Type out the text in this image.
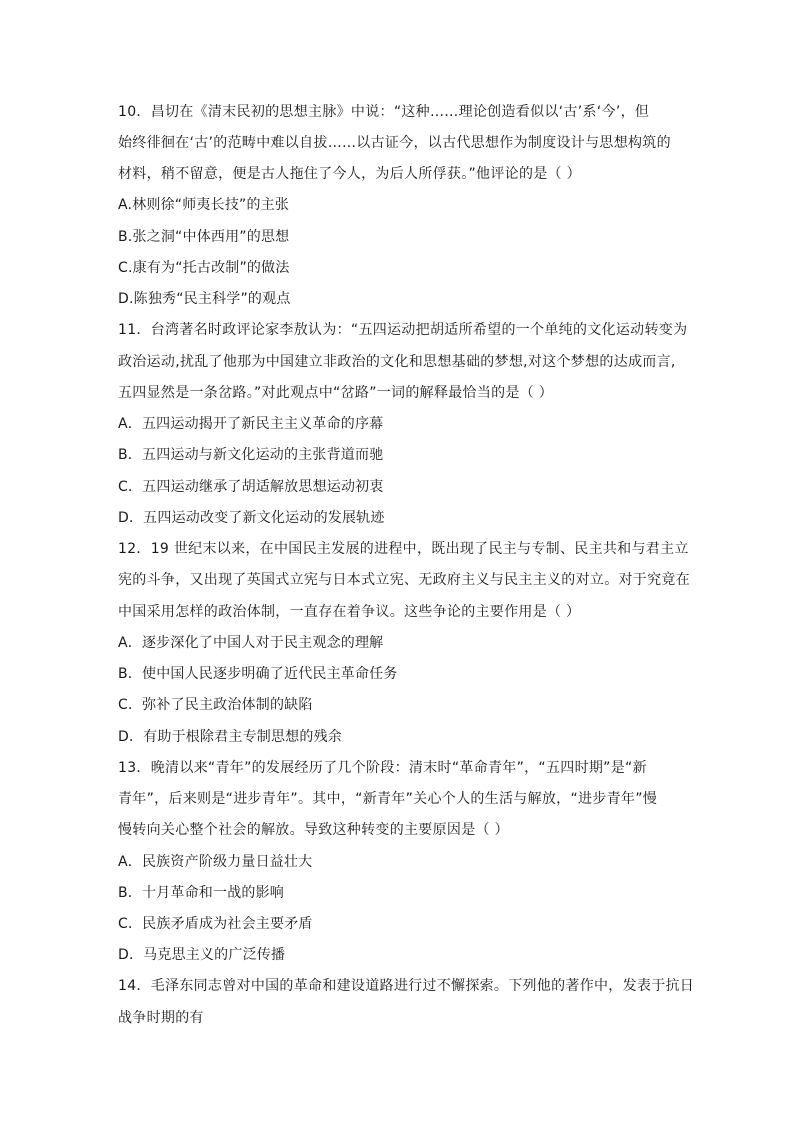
10．昌切在《清末民初的思想主脉》中说：“这种……理论创造看似以‘古’系‘今’，但
始终徘徊在‘古’的范畴中难以自拔……以古证今，以古代思想作为制度设计与思想构筑的
材料，稍不留意，便是古人拖住了今人，为后人所俘获。”他评论的是（ ）
A.林则徐“师夷长技”的主张
B.张之洞“中体西用”的思想
C.康有为“托古改制”的做法
D.陈独秀“民主科学”的观点
11．台湾著名时政评论家李敖认为：“五四运动把胡适所希望的一个单纯的文化运动转变为
政治运动,扰乱了他那为中国建立非政治的文化和思想基础的梦想,对这个梦想的达成而言,
五四显然是一条岔路。”对此观点中“岔路”一词的解释最恰当的是（ ）
A．五四运动揭开了新民主主义革命的序幕
B．五四运动与新文化运动的主张背道而驰
C．五四运动继承了胡适解放思想运动初衷
D．五四运动改变了新文化运动的发展轨迹
12．19 世纪末以来，在中国民主发展的进程中，既出现了民主与专制、民主共和与君主立
宪的斗争，又出现了英国式立宪与日本式立宪、无政府主义与民主主义的对立。对于究竟在
中国采用怎样的政治体制，一直存在着争议。这些争论的主要作用是（ ）
A．逐步深化了中国人对于民主观念的理解
B．使中国人民逐步明确了近代民主革命任务
C．弥补了民主政治体制的缺陷
D．有助于根除君主专制思想的残余
13．晚清以来“青年”的发展经历了几个阶段：清末时“革命青年”，“五四时期”是“新
青年”，后来则是“进步青年”。其中，“新青年”关心个人的生活与解放，“进步青年”慢
慢转向关心整个社会的解放。导致这种转变的主要原因是（ ）
A．民族资产阶级力量日益壮大
B．十月革命和一战的影响
C．民族矛盾成为社会主要矛盾
D．马克思主义的广泛传播
14．毛泽东同志曾对中国的革命和建设道路进行过不懈探索。下列他的著作中，发表于抗日
战争时期的有
